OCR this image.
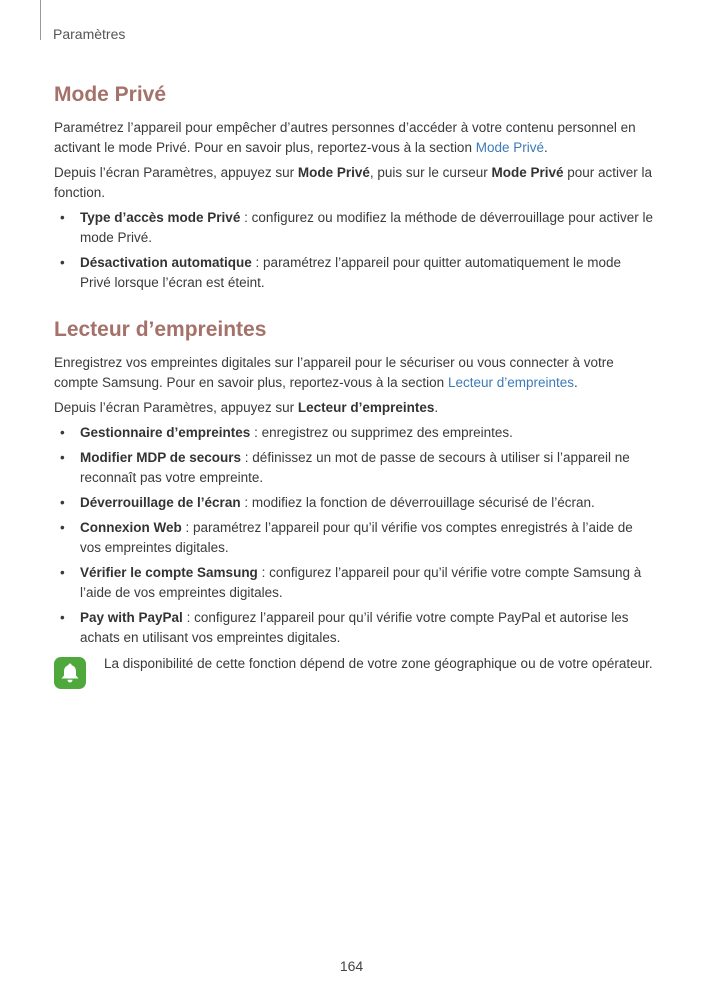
Paramètres
Mode Privé

Paramétrez l’appareil pour empêcher d’autres personnes d’accéder à votre contenu personnel en activant le mode Privé. Pour en savoir plus, reportez-vous à la section Mode Privé.

Depuis l’écran Paramètres, appuyez sur Mode Privé, puis sur le curseur Mode Privé pour activer la fonction.

• Type d’accès mode Privé : configurez ou modifiez la méthode de déverrouillage pour activer le mode Privé.
• Désactivation automatique : paramétrez l’appareil pour quitter automatiquement le mode Privé lorsque l’écran est éteint.
Lecteur d’empreintes

Enregistrez vos empreintes digitales sur l’appareil pour le sécuriser ou vous connecter à votre compte Samsung. Pour en savoir plus, reportez-vous à la section Lecteur d’empreintes.

Depuis l’écran Paramètres, appuyez sur Lecteur d’empreintes.

• Gestionnaire d’empreintes : enregistrez ou supprimez des empreintes.
• Modifier MDP de secours : définissez un mot de passe de secours à utiliser si l’appareil ne reconnaît pas votre empreinte.
• Déverrouillage de l’écran : modifiez la fonction de déverrouillage sécurisé de l’écran.
• Connexion Web : paramétrez l’appareil pour qu’il vérifie vos comptes enregistrés à l’aide de vos empreintes digitales.
• Vérifier le compte Samsung : configurez l’appareil pour qu’il vérifie votre compte Samsung à l’aide de vos empreintes digitales.
• Pay with PayPal : configurez l’appareil pour qu’il vérifie votre compte PayPal et autorise les achats en utilisant vos empreintes digitales.

La disponibilité de cette fonction dépend de votre zone géographique ou de votre opérateur.

164
